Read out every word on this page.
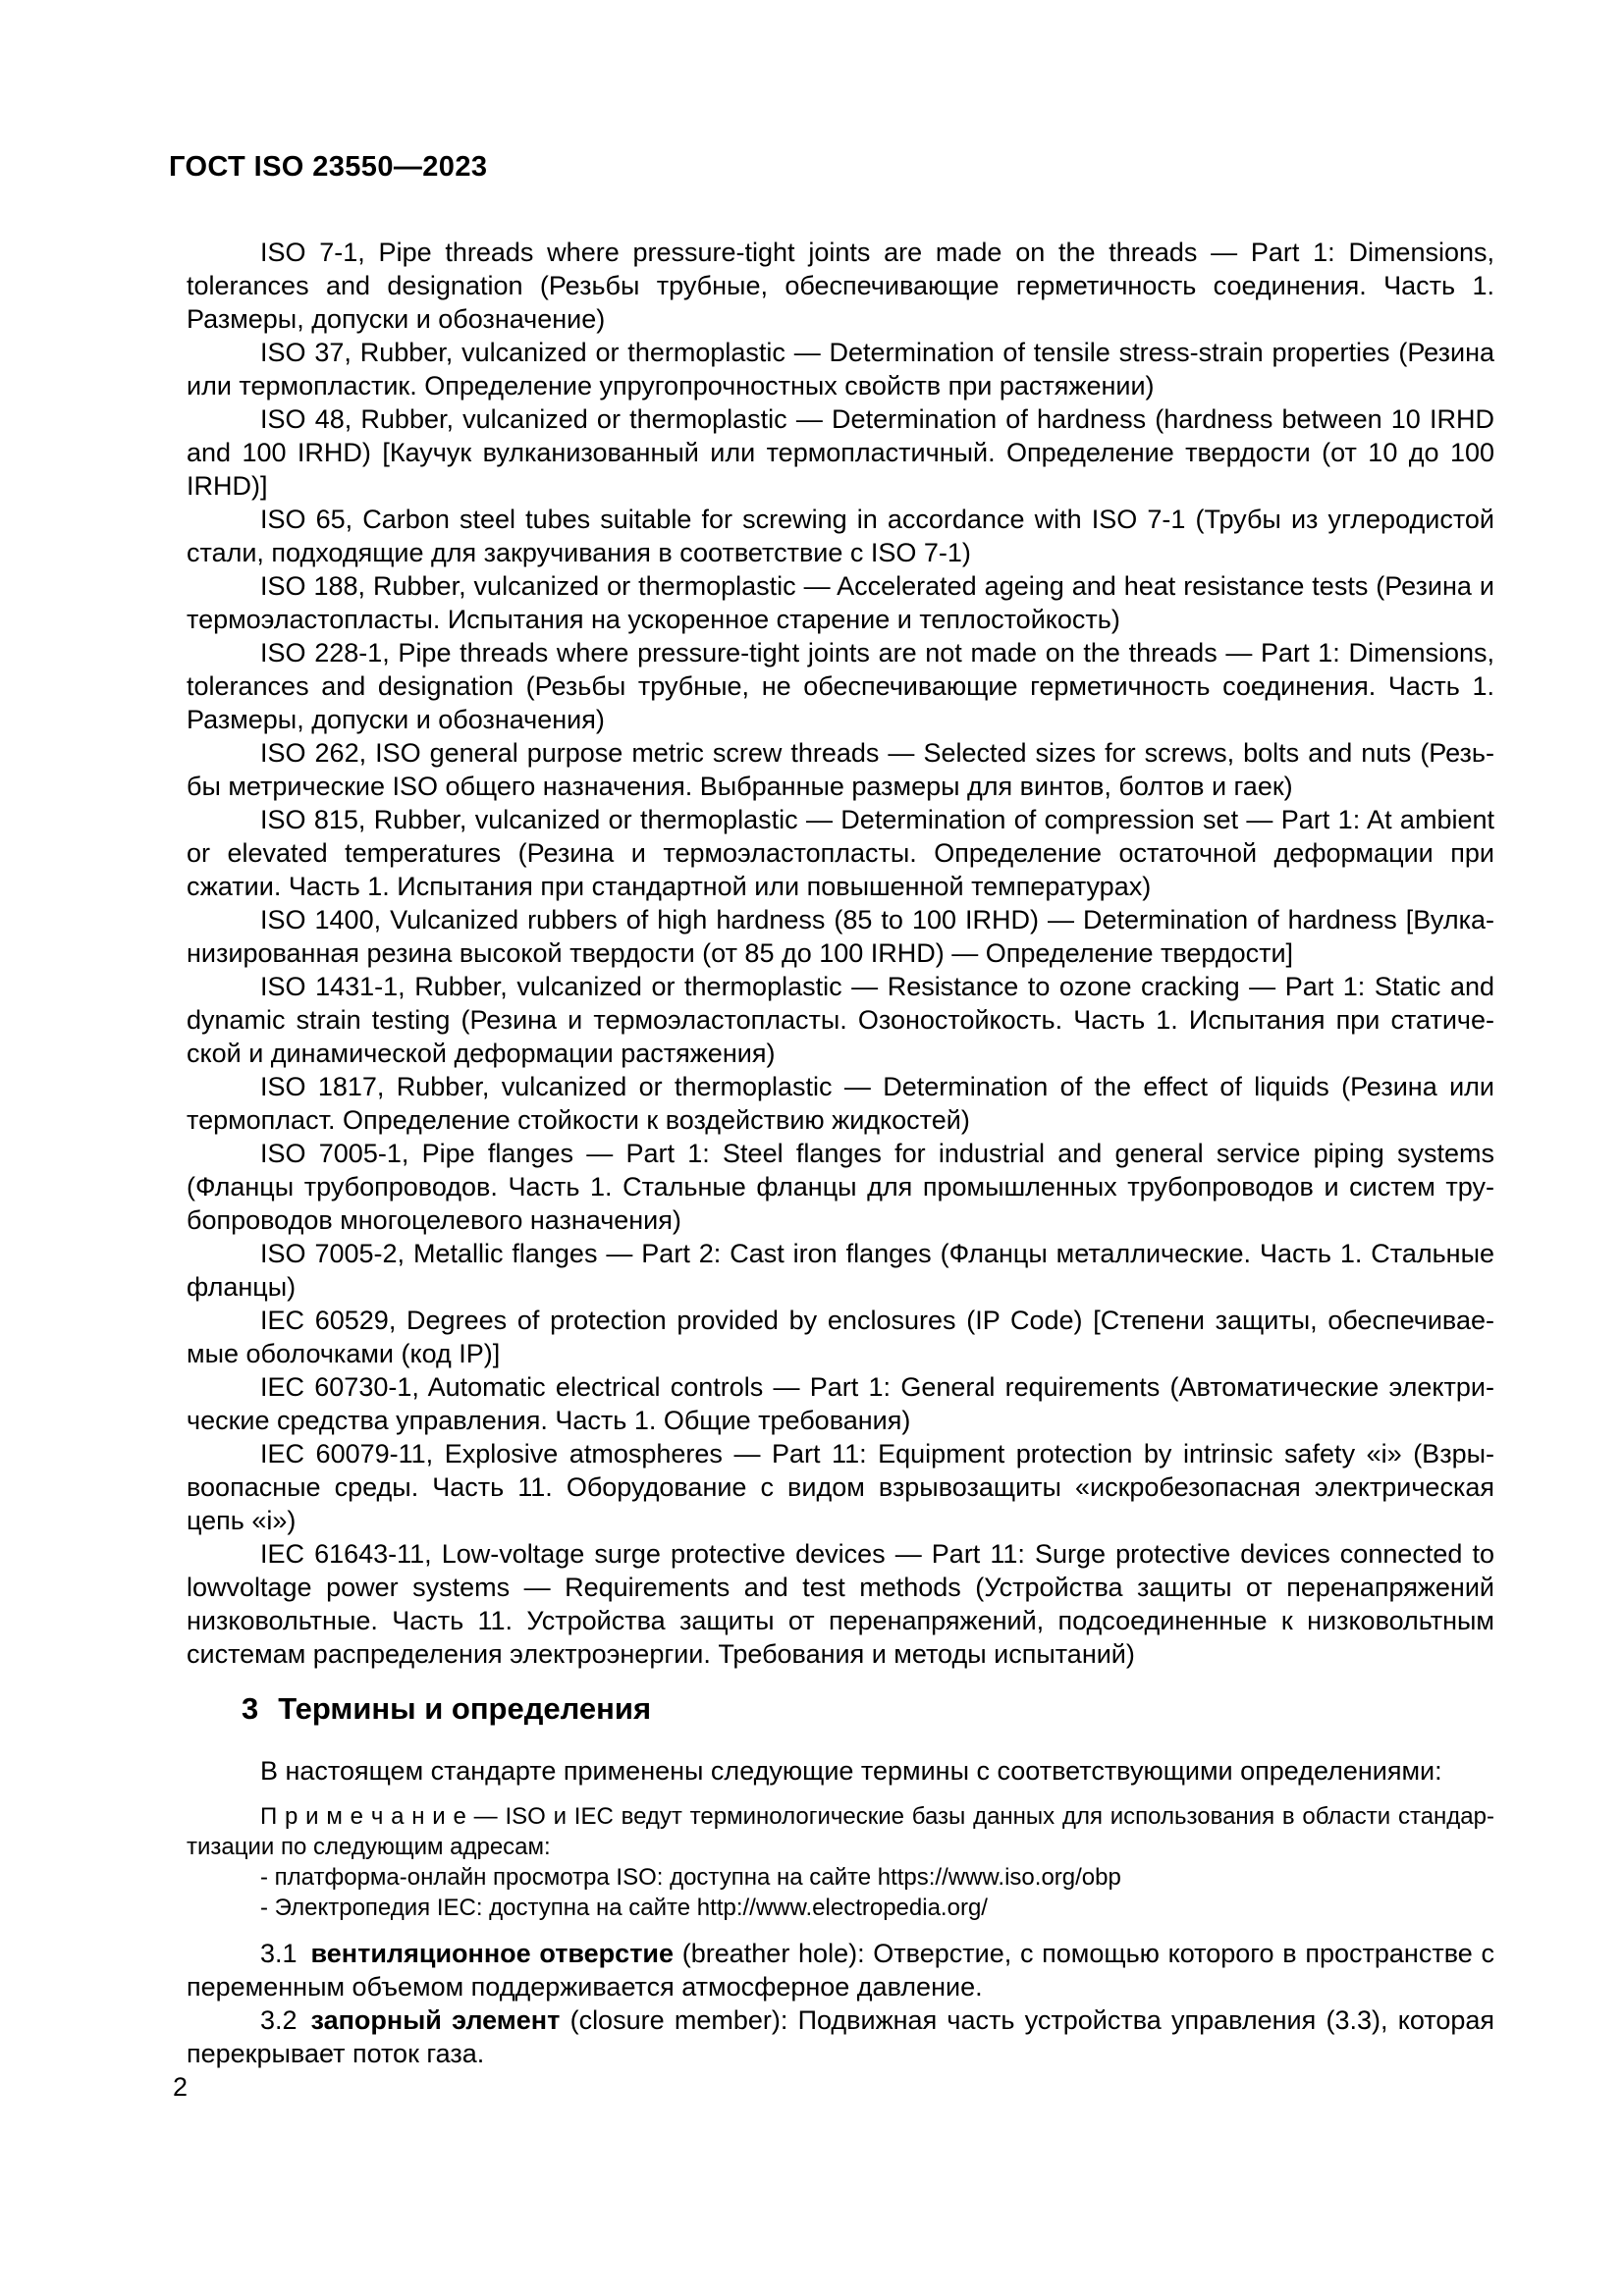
ГОСТ ISO 23550—2023

ISO 7-1, Pipe threads where pressure-tight joints are made on the threads — Part 1: Dimensions, tolerances and designation (Резьбы трубные, обеспечивающие герметичность соединения. Часть 1. Размеры, допуски и обозначение)

ISO 37, Rubber, vulcanized or thermoplastic — Determination of tensile stress-strain properties (Резина или термопластик. Определение упругопрочностных свойств при растяжении)

ISO 48, Rubber, vulcanized or thermoplastic — Determination of hardness (hardness between 10 IRHD and 100 IRHD) [Каучук вулканизованный или термопластичный. Определение твердости (от 10 до 100 IRHD)]

ISO 65, Carbon steel tubes suitable for screwing in accordance with ISO 7-1 (Трубы из углеродистой стали, подходящие для закручивания в соответствие с ISO 7-1)

ISO 188, Rubber, vulcanized or thermoplastic — Accelerated ageing and heat resistance tests (Резина и термоэластопласты. Испытания на ускоренное старение и теплостойкость)

ISO 228-1, Pipe threads where pressure-tight joints are not made on the threads — Part 1: Dimensions, tolerances and designation (Резьбы трубные, не обеспечивающие герметичность соединения. Часть 1. Размеры, допуски и обозначения)

ISO 262, ISO general purpose metric screw threads — Selected sizes for screws, bolts and nuts (Резь-бы метрические ISO общего назначения. Выбранные размеры для винтов, болтов и гаек)

ISO 815, Rubber, vulcanized or thermoplastic — Determination of compression set — Part 1: At ambient or elevated temperatures (Резина и термоэластопласты. Определение остаточной деформации при сжатии. Часть 1. Испытания при стандартной или повышенной температурах)

ISO 1400, Vulcanized rubbers of high hardness (85 to 100 IRHD) — Determination of hardness [Вулка-низированная резина высокой твердости (от 85 до 100 IRHD) — Определение твердости]

ISO 1431-1, Rubber, vulcanized or thermoplastic — Resistance to ozone cracking — Part 1: Static and dynamic strain testing (Резина и термоэластопласты. Озоностойкость. Часть 1. Испытания при статиче-ской и динамической деформации растяжения)

ISO 1817, Rubber, vulcanized or thermoplastic — Determination of the effect of liquids (Резина или термопласт. Определение стойкости к воздействию жидкостей)

ISO 7005-1, Pipe flanges — Part 1: Steel flanges for industrial and general service piping systems (Фланцы трубопроводов. Часть 1. Стальные фланцы для промышленных трубопроводов и систем тру-бопроводов многоцелевого назначения)

ISO 7005-2, Metallic flanges — Part 2: Cast iron flanges (Фланцы металлические. Часть 1. Стальные фланцы)

IEC 60529, Degrees of protection provided by enclosures (IP Code) [Степени защиты, обеспечивае-мые оболочками (код IP)]

IEC 60730-1, Automatic electrical controls — Part 1: General requirements (Автоматические электри-ческие средства управления. Часть 1. Общие требования)

IEC 60079-11, Explosive atmospheres — Part 11: Equipment protection by intrinsic safety «i» (Взры-воопасные среды. Часть 11. Оборудование с видом взрывозащиты «искробезопасная электрическая цепь «i»)

IEC 61643-11, Low-voltage surge protective devices — Part 11: Surge protective devices connected to lowvoltage power systems — Requirements and test methods (Устройства защиты от перенапряжений низковольтные. Часть 11. Устройства защиты от перенапряжений, подсоединенные к низковольтным системам распределения электроэнергии. Требования и методы испытаний)

3 Термины и определения

В настоящем стандарте применены следующие термины с соответствующими определениями:

П р и м е ч а н и е — ISO и IEC ведут терминологические базы данных для использования в области стандар-тизации по следующим адресам:

- платформа-онлайн просмотра ISO: доступна на сайте https://www.iso.org/obp

- Электропедия IEC: доступна на сайте http://www.electropedia.org/

3.1 вентиляционное отверстие (breather hole): Отверстие, с помощью которого в пространстве с переменным объемом поддерживается атмосферное давление.

3.2 запорный элемент (closure member): Подвижная часть устройства управления (3.3), которая перекрывает поток газа.

2
